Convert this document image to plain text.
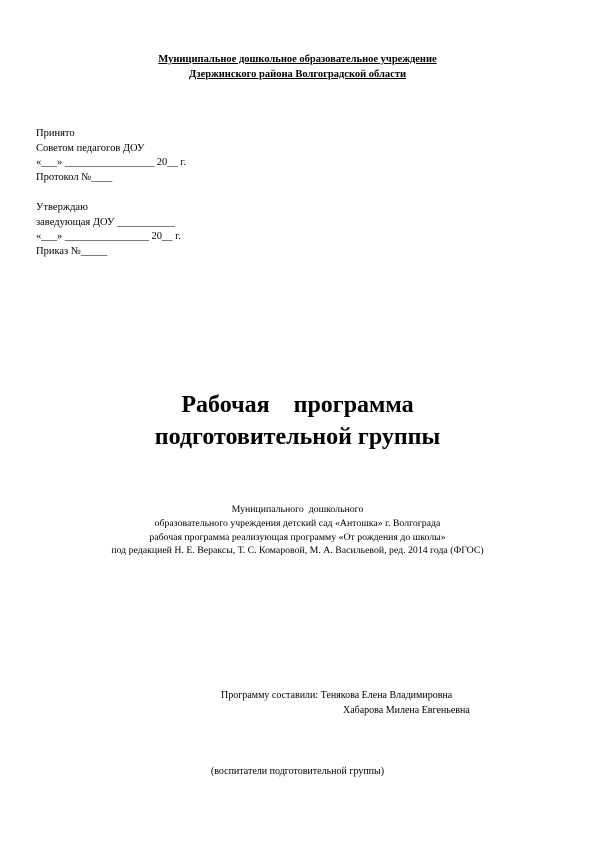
Муниципальное дошкольное образовательное учреждение
Дзержинского района Волгоградской области
Принято
Советом педагогов ДОУ
«___» _________________ 20__ г.
Протокол №____
Утверждаю
заведующая ДОУ ___________
«___» ________________ 20__ г.
Приказ №_____
Рабочая    программа
подготовительной группы
Муниципального  дошкольного
образовательного учреждения детский сад «Антошка» г. Волгограда
рабочая программа реализующая программу «От рождения до школы»
под редакцией Н. Е. Вераксы, Т. С. Комаровой, М. А. Васильевой, ред. 2014 года (ФГОС)
Программу составили: Тенякова Елена Владимировна
Хабарова Милена Евгеньевна
(воспитатели подготовительной группы)
